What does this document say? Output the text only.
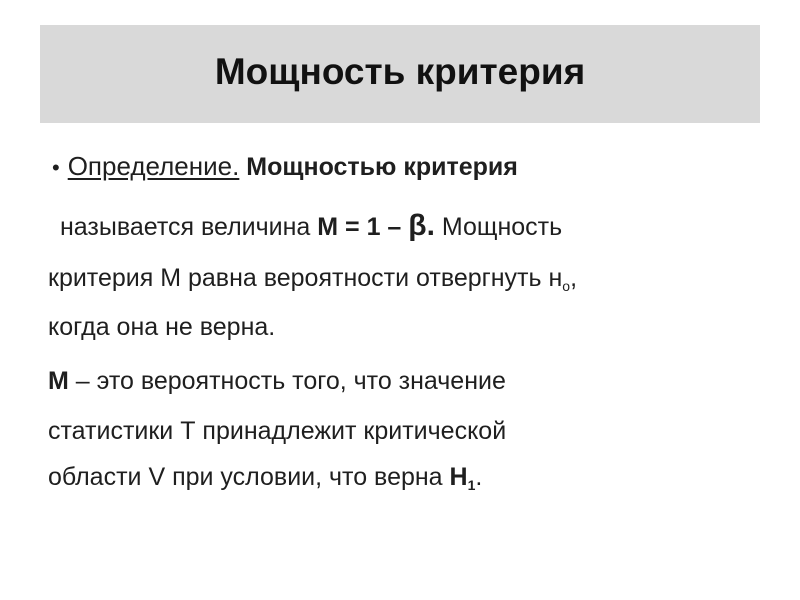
Мощность критерия
• Определение. Мощностью критерия
называется величина М = 1 – β. Мощность
критерия М равна вероятности отвергнуть $н_о$,
когда она не верна.
М – это вероятность того, что значение
статистики Т принадлежит критической
области V при условии, что верна $Н_1$.
